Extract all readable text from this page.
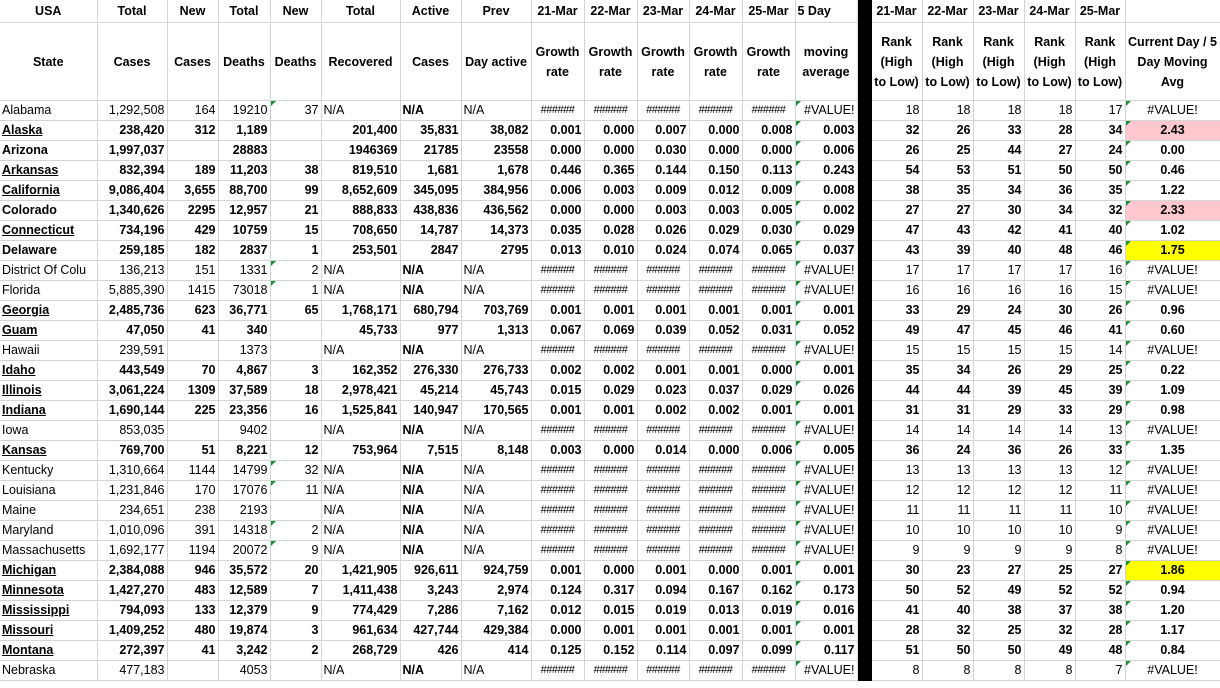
USA	Total	New	Total	New	Total	Active	Prev	21-Mar	22-Mar	23-Mar	24-Mar	25-Mar	5 Day		21-Mar	22-Mar	23-Mar	24-Mar	25-Mar	
State	Cases	Cases	Deaths	Deaths	Recovered	Cases	Day active	Growth rate	Growth rate	Growth rate	Growth rate	Growth rate	moving average		Rank (High to Low)	Rank (High to Low)	Rank (High to Low)	Rank (High to Low)	Rank (High to Low)	Current Day / 5 Day Moving Avg
Alabama	1,292,508	164	19210	37	N/A	N/A	N/A	######	######	######	######	######	#VALUE!		18	18	18	18	17	#VALUE!

Alaska	238,420	312	1,189		201,400	35,831	38,082	0.001	0.000	0.007	0.000	0.008	0.003		32	26	33	28	34	2.43

Arizona	1,997,037		28883		1946369	21785	23558	0.000	0.000	0.030	0.000	0.000	0.006		26	25	44	27	24	0.00

Arkansas	832,394	189	11,203	38	819,510	1,681	1,678	0.446	0.365	0.144	0.150	0.113	0.243		54	53	51	50	50	0.46

California	9,086,404	3,655	88,700	99	8,652,609	345,095	384,956	0.006	0.003	0.009	0.012	0.009	0.008		38	35	34	36	35	1.22

Colorado	1,340,626	2295	12,957	21	888,833	438,836	436,562	0.000	0.000	0.003	0.003	0.005	0.002		27	27	30	34	32	2.33

Connecticut	734,196	429	10759	15	708,650	14,787	14,373	0.035	0.028	0.026	0.029	0.030	0.029		47	43	42	41	40	1.02

Delaware	259,185	182	2837	1	253,501	2847	2795	0.013	0.010	0.024	0.074	0.065	0.037		43	39	40	48	46	1.75

District Of Colu	136,213	151	1331	2	N/A	N/A	N/A	######	######	######	######	######	#VALUE!		17	17	17	17	16	#VALUE!

Florida	5,885,390	1415	73018	1	N/A	N/A	N/A	######	######	######	######	######	#VALUE!		16	16	16	16	15	#VALUE!

Georgia	2,485,736	623	36,771	65	1,768,171	680,794	703,769	0.001	0.001	0.001	0.001	0.001	0.001		33	29	24	30	26	0.96

Guam	47,050	41	340		45,733	977	1,313	0.067	0.069	0.039	0.052	0.031	0.052		49	47	45	46	41	0.60

Hawaii	239,591		1373		N/A	N/A	N/A	######	######	######	######	######	#VALUE!		15	15	15	15	14	#VALUE!

Idaho	443,549	70	4,867	3	162,352	276,330	276,733	0.002	0.002	0.001	0.001	0.000	0.001		35	34	26	29	25	0.22

Illinois	3,061,224	1309	37,589	18	2,978,421	45,214	45,743	0.015	0.029	0.023	0.037	0.029	0.026		44	44	39	45	39	1.09

Indiana	1,690,144	225	23,356	16	1,525,841	140,947	170,565	0.001	0.001	0.002	0.002	0.001	0.001		31	31	29	33	29	0.98

Iowa	853,035		9402		N/A	N/A	N/A	######	######	######	######	######	#VALUE!		14	14	14	14	13	#VALUE!

Kansas	769,700	51	8,221	12	753,964	7,515	8,148	0.003	0.000	0.014	0.000	0.006	0.005		36	24	36	26	33	1.35

Kentucky	1,310,664	1144	14799	32	N/A	N/A	N/A	######	######	######	######	######	#VALUE!		13	13	13	13	12	#VALUE!

Louisiana	1,231,846	170	17076	11	N/A	N/A	N/A	######	######	######	######	######	#VALUE!		12	12	12	12	11	#VALUE!

Maine	234,651	238	2193		N/A	N/A	N/A	######	######	######	######	######	#VALUE!		11	11	11	11	10	#VALUE!

Maryland	1,010,096	391	14318	2	N/A	N/A	N/A	######	######	######	######	######	#VALUE!		10	10	10	10	9	#VALUE!

Massachusetts	1,692,177	1194	20072	9	N/A	N/A	N/A	######	######	######	######	######	#VALUE!		9	9	9	9	8	#VALUE!

Michigan	2,384,088	946	35,572	20	1,421,905	926,611	924,759	0.001	0.000	0.001	0.000	0.001	0.001		30	23	27	25	27	1.86

Minnesota	1,427,270	483	12,589	7	1,411,438	3,243	2,974	0.124	0.317	0.094	0.167	0.162	0.173		50	52	49	52	52	0.94

Mississippi	794,093	133	12,379	9	774,429	7,286	7,162	0.012	0.015	0.019	0.013	0.019	0.016		41	40	38	37	38	1.20

Missouri	1,409,252	480	19,874	3	961,634	427,744	429,384	0.000	0.001	0.001	0.001	0.001	0.001		28	32	25	32	28	1.17

Montana	272,397	41	3,242	2	268,729	426	414	0.125	0.152	0.114	0.097	0.099	0.117		51	50	50	49	48	0.84

Nebraska	477,183		4053		N/A	N/A	N/A	######	######	######	######	######	#VALUE!		8	8	8	8	7	#VALUE!
